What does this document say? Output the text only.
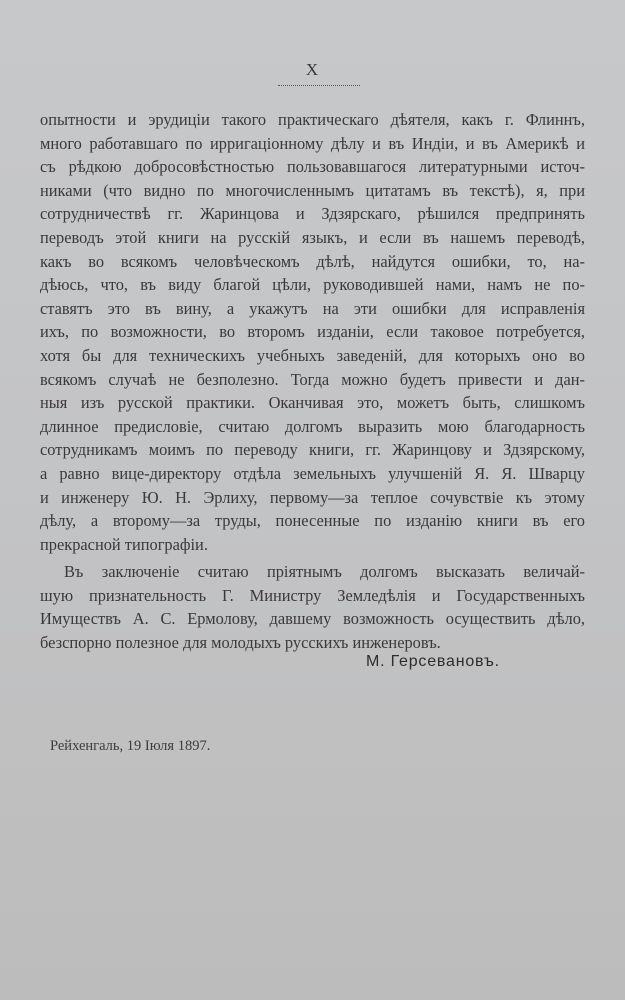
X
опытности и эрудиціи такого практическаго дѣятеля, какъ г. Флиннъ,
много работавшаго по ирригаціонному дѣлу и въ Индіи, и въ Америкѣ и
съ рѣдкою добросовѣстностью пользовавшагося литературными источ-
никами (что видно по многочисленнымъ цитатамъ въ текстѣ), я, при
сотрудничествѣ гг. Жаринцова и Здзярскаго, рѣшился предпринять
переводъ этой книги на русскій языкъ, и если въ нашемъ переводѣ,
какъ во всякомъ человѣческомъ дѣлѣ, найдутся ошибки, то, на-
дѣюсь, что, въ виду благой цѣли, руководившей нами, намъ не по-
ставятъ это въ вину, а укажутъ на эти ошибки для исправленія
ихъ, по возможности, во второмъ изданіи, если таковое потребуется,
хотя бы для техническихъ учебныхъ заведеній, для которыхъ оно во
всякомъ случаѣ не безполезно. Тогда можно будетъ привести и дан-
ныя изъ русской практики. Оканчивая это, можетъ быть, слишкомъ
длинное предисловіе, считаю долгомъ выразить мою благодарность
сотрудникамъ моимъ по переводу книги, гг. Жаринцову и Здзярскому,
а равно вице-директору отдѣла земельныхъ улучшеній Я. Я. Шварцу
и инженеру Ю. Н. Эрлиху, первому—за теплое сочувствіе къ этому
дѣлу, а второму—за труды, понесенные по изданію книги въ его
прекрасной типографіи.
Въ заключеніе считаю пріятнымъ долгомъ высказать величай-
шую признательность Г. Министру Земледѣлія и Государственныхъ
Имуществъ А. С. Ермолову, давшему возможность осуществить дѣло,
безспорно полезное для молодыхъ русскихъ инженеровъ.
М. Герсевановъ.
Рейхенгаль, 19 Іюля 1897.
